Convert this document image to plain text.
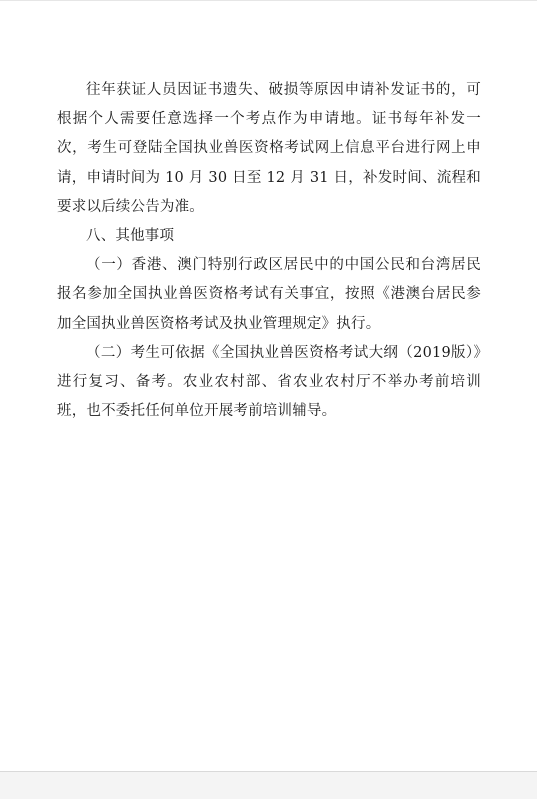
往年获证人员因证书遗失、破损等原因申请补发证书的，可根据个人需要任意选择一个考点作为申请地。证书每年补发一次，考生可登陆全国执业兽医资格考试网上信息平台进行网上申请，申请时间为 10 月 30 日至 12 月 31 日，补发时间、流程和要求以后续公告为准。

八、其他事项

（一）香港、澳门特别行政区居民中的中国公民和台湾居民报名参加全国执业兽医资格考试有关事宜，按照《港澳台居民参加全国执业兽医资格考试及执业管理规定》执行。

（二）考生可依据《全国执业兽医资格考试大纲（2019版）》进行复习、备考。农业农村部、省农业农村厅不举办考前培训班，也不委托任何单位开展考前培训辅导。
